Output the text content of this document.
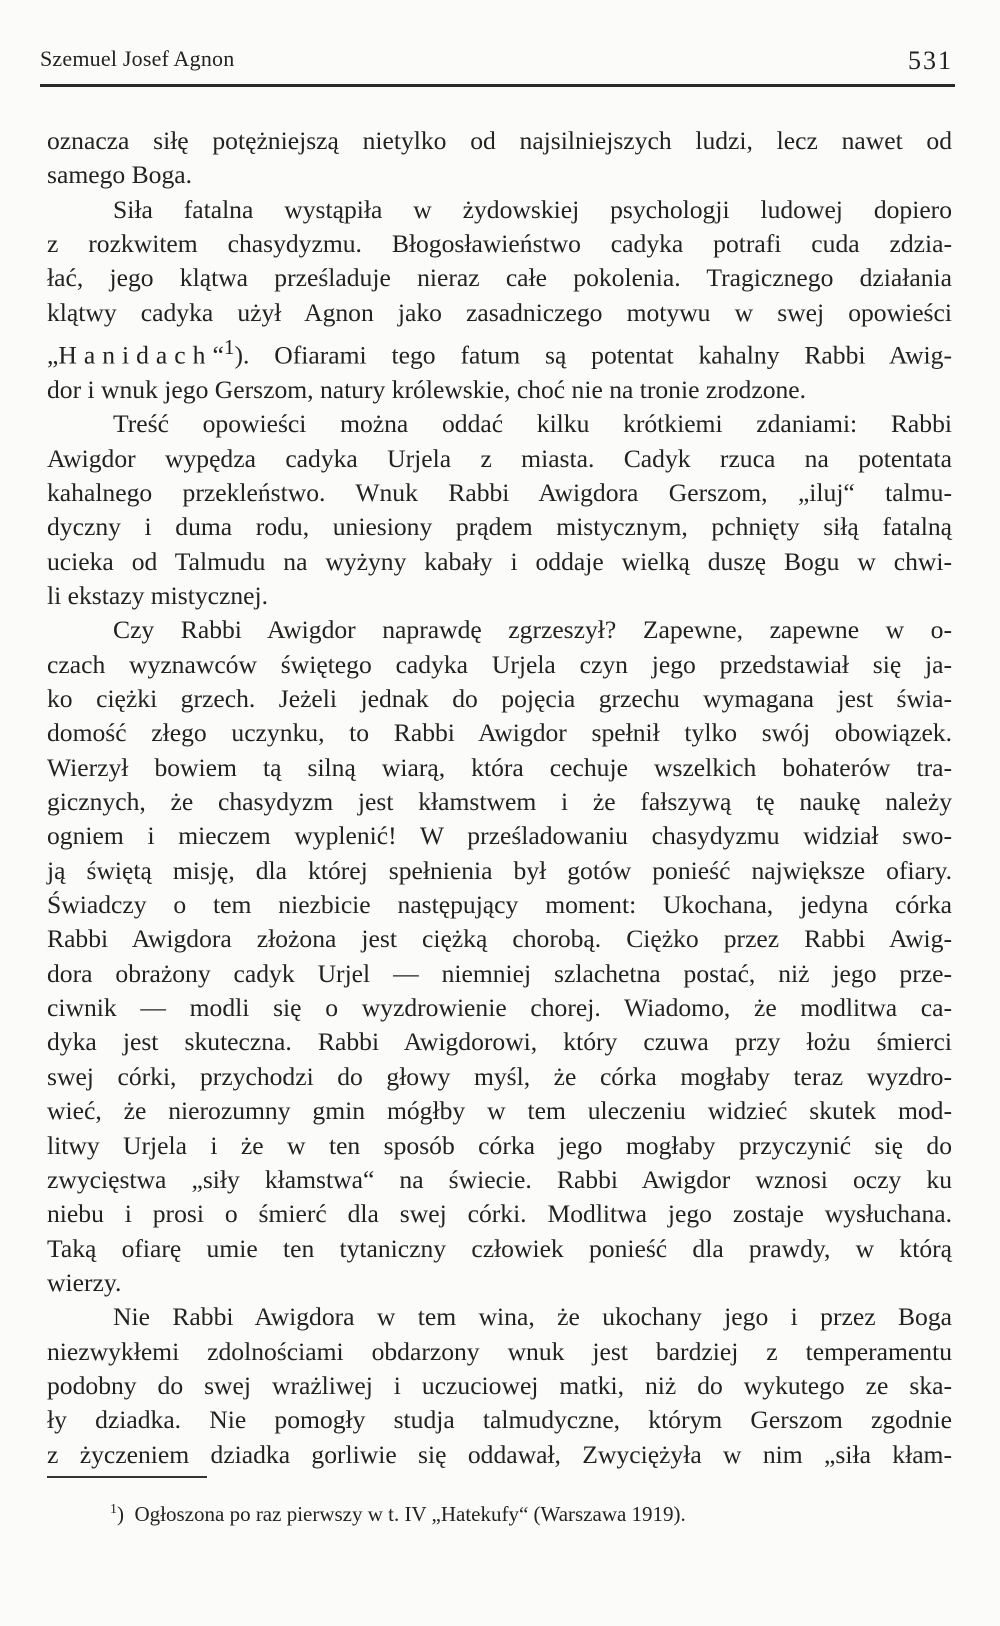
Szemuel Josef Agnon	531

oznacza siłę potężniejszą nietylko od najsilniejszych ludzi, lecz nawet od
samego Boga.

Siła fatalna wystąpiła w żydowskiej psychologji ludowej dopiero
z rozkwitem chasydyzmu. Błogosławieństwo cadyka potrafi cuda zdzia-
łać, jego klątwa prześladuje nieraz całe pokolenia. Tragicznego działania
klątwy cadyka użył Agnon jako zasadniczego motywu w swej opowieści
„Hanidach“$^1$). Ofiarami tego fatum są potentat kahalny Rabbi Awig-
dor i wnuk jego Gerszom, natury królewskie, choć nie na tronie zrodzone.

Treść opowieści można oddać kilku krótkiemi zdaniami: Rabbi
Awigdor wypędza cadyka Urjela z miasta. Cadyk rzuca na potentata
kahalnego przekleństwo. Wnuk Rabbi Awigdora Gerszom, „iluj“ talmu-
dyczny i duma rodu, uniesiony prądem mistycznym, pchnięty siłą fatalną
ucieka od Talmudu na wyżyny kabały i oddaje wielką duszę Bogu w chwi-
li ekstazy mistycznej.

Czy Rabbi Awigdor naprawdę zgrzeszył? Zapewne, zapewne w o-
czach wyznawców świętego cadyka Urjela czyn jego przedstawiał się ja-
ko ciężki grzech. Jeżeli jednak do pojęcia grzechu wymagana jest świa-
domość złego uczynku, to Rabbi Awigdor spełnił tylko swój obowiązek.
Wierzył bowiem tą silną wiarą, która cechuje wszelkich bohaterów tra-
gicznych, że chasydyzm jest kłamstwem i że fałszywą tę naukę należy
ogniem i mieczem wyplenić! W prześladowaniu chasydyzmu widział swo-
ją świętą misję, dla której spełnienia był gotów ponieść największe ofiary.
Świadczy o tem niezbicie następujący moment: Ukochana, jedyna córka
Rabbi Awigdora złożona jest ciężką chorobą. Ciężko przez Rabbi Awig-
dora obrażony cadyk Urjel — niemniej szlachetna postać, niż jego prze-
ciwnik — modli się o wyzdrowienie chorej. Wiadomo, że modlitwa ca-
dyka jest skuteczna. Rabbi Awigdorowi, który czuwa przy łożu śmierci
swej córki, przychodzi do głowy myśl, że córka mogłaby teraz wyzdro-
wieć, że nierozumny gmin mógłby w tem uleczeniu widzieć skutek mod-
litwy Urjela i że w ten sposób córka jego mogłaby przyczynić się do
zwycięstwa „siły kłamstwa“ na świecie. Rabbi Awigdor wznosi oczy ku
niebu i prosi o śmierć dla swej córki. Modlitwa jego zostaje wysłuchana.
Taką ofiarę umie ten tytaniczny człowiek ponieść dla prawdy, w którą
wierzy.

Nie Rabbi Awigdora w tem wina, że ukochany jego i przez Boga
niezwykłemi zdolnościami obdarzony wnuk jest bardziej z temperamentu
podobny do swej wrażliwej i uczuciowej matki, niż do wykutego ze ska-
ły dziadka. Nie pomogły studja talmudyczne, którym Gerszom zgodnie
z życzeniem dziadka gorliwie się oddawał, Zwyciężyła w nim „siła kłam-

$^1$) Ogłoszona po raz pierwszy w t. IV „Hatekufy“ (Warszawa 1919).
